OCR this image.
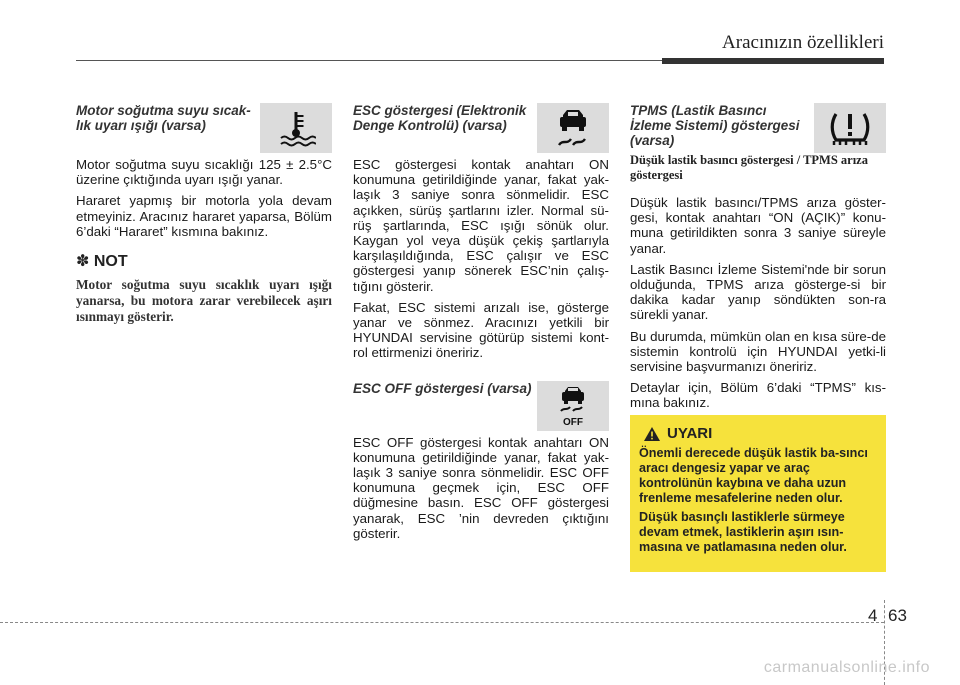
Aracınızın özellikleri

Motor soğutma suyu sıcak-lık uyarı ışığı (varsa)

Motor soğutma suyu sıcaklığı 125 ± 2.5°C üzerine çıktığında uyarı ışığı yanar.

Hararet yapmış bir motorla yola devam etmeyiniz. Aracınız hararet yaparsa, Bölüm 6’daki “Hararet” kısmına bakınız.

✽ NOT

Motor soğutma suyu sıcaklık uyarı ışığı yanarsa, bu motora zarar verebilecek aşırı ısınmayı gösterir.

ESC göstergesi (Elektronik Denge Kontrolü) (varsa)

ESC göstergesi kontak anahtarı ON konumuna getirildiğinde yanar, fakat yak-laşık 3 saniye sonra sönmelidir. ESC açıkken, sürüş şartlarını izler. Normal sü-rüş şartlarında, ESC ışığı sönük olur. Kaygan yol veya düşük çekiş şartlarıyla karşılaşıldığında, ESC çalışır ve ESC göstergesi yanıp sönerek ESC’nin çalış-tığını gösterir.

Fakat, ESC sistemi arızalı ise, gösterge yanar ve sönmez. Aracınızı yetkili bir HYUNDAI servisine götürüp sistemi kont-rol ettirmenizi öneririz.

ESC OFF göstergesi (varsa)

OFF

ESC OFF göstergesi kontak anahtarı ON konumuna getirildiğinde yanar, fakat yak-laşık 3 saniye sonra sönmelidir. ESC OFF konumuna geçmek için, ESC OFF düğmesine basın. ESC OFF göstergesi yanarak, ESC ’nin devreden çıktığını gösterir.

TPMS (Lastik Basıncı İzleme Sistemi) göstergesi (varsa)

Düşük lastik basıncı göstergesi / TPMS arıza göstergesi

Düşük lastik basıncı/TPMS arıza göster-gesi, kontak anahtarı “ON (AÇIK)” konu-muna getirildikten sonra 3 saniye süreyle yanar.

Lastik Basıncı İzleme Sistemi'nde bir sorun olduğunda, TPMS arıza gösterge-si bir dakika kadar yanıp söndükten son-ra sürekli yanar.

Bu durumda, mümkün olan en kısa süre-de sistemin kontrolü için HYUNDAI yetki-li servisine başvurmanızı öneririz.

Detaylar için, Bölüm 6’daki “TPMS” kıs-mına bakınız.

UYARI

Önemli derecede düşük lastik ba-sıncı aracı dengesiz yapar ve araç kontrolünün kaybına ve daha uzun frenleme mesafelerine neden olur.

Düşük basınçlı lastiklerle sürmeye devam etmek, lastiklerin aşırı ısın-masına ve patlamasına neden olur.

4 63
carmanualsonline.info
